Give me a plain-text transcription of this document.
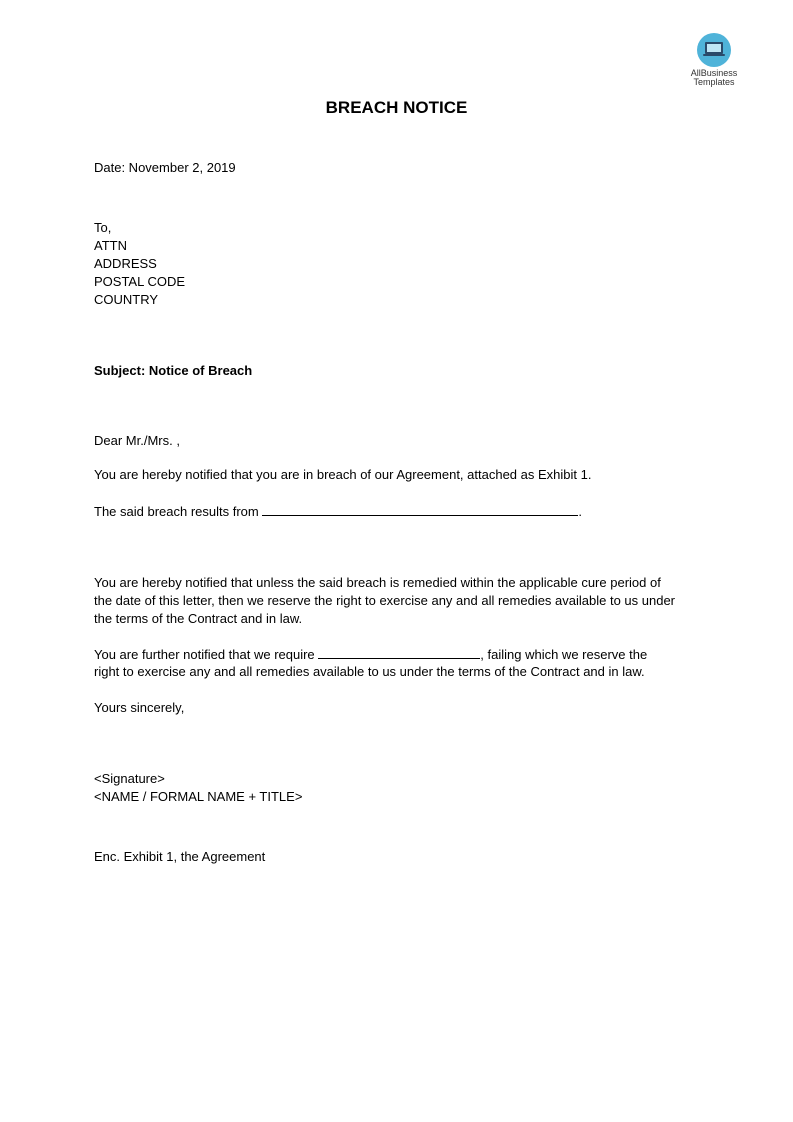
AllBusiness
Templates
BREACH NOTICE
Date: November 2, 2019
To,
ATTN
ADDRESS
POSTAL CODE
COUNTRY
Subject: Notice of Breach
Dear Mr./Mrs. ,
You are hereby notified that you are in breach of our Agreement, attached as Exhibit 1.
The said breach results from	.
You are hereby notified that unless the said breach is remedied within the applicable cure period of
the date of this letter, then we reserve the right to exercise any and all remedies available to us under
the terms of the Contract and in law.
You are further notified that we require	, failing which we reserve the
right to exercise any and all remedies available to us under the terms of the Contract and in law.
Yours sincerely,
<Signature>
<NAME / FORMAL NAME + TITLE>
Enc. Exhibit 1, the Agreement
